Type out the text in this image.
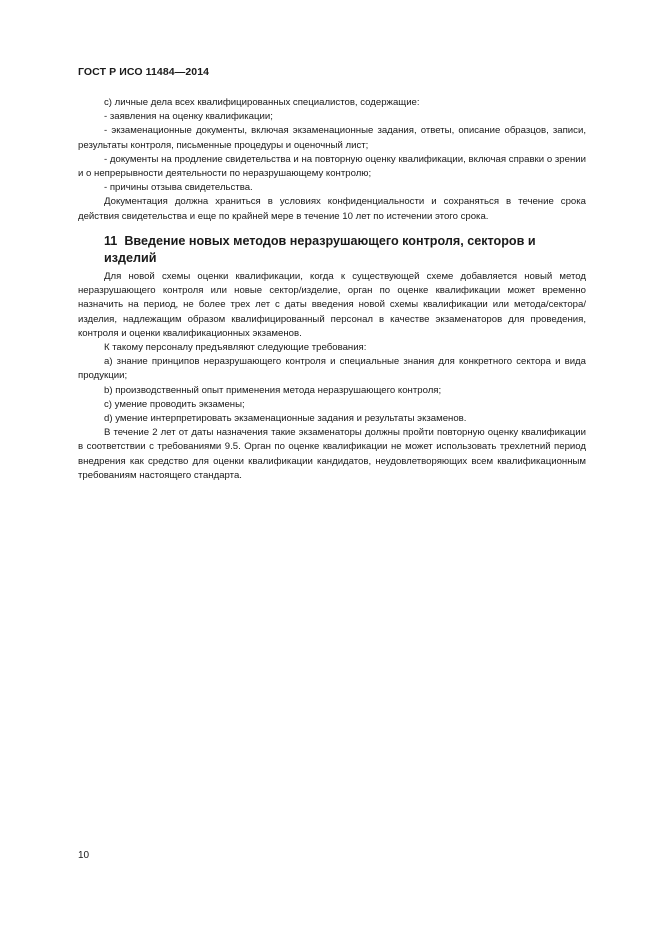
ГОСТ Р ИСО 11484—2014

c) личные дела всех квалифицированных специалистов, содержащие:

- заявления на оценку квалификации;

- экзаменационные документы, включая экзаменационные задания, ответы, описание образцов, записи, результаты контроля, письменные процедуры и оценочный лист;

- документы на продление свидетельства и на повторную оценку квалификации, включая справки о зрении и о непрерывности деятельности по неразрушающему контролю;

- причины отзыва свидетельства.

Документация должна храниться в условиях конфиденциальности и сохраняться в течение срока действия свидетельства и еще по крайней мере в течение 10 лет по истечении этого срока.

11 Введение новых методов неразрушающего контроля, секторов и изделий

Для новой схемы оценки квалификации, когда к существующей схеме добавляется новый метод неразрушающего контроля или новые сектор/изделие, орган по оценке квалификации может временно назначить на период, не более трех лет с даты введения новой схемы квалификации или метода/сектора/изделия, надлежащим образом квалифицированный персонал в качестве экзаменаторов для проведения, контроля и оценки квалификационных экзаменов.

К такому персоналу предъявляют следующие требования:

a) знание принципов неразрушающего контроля и специальные знания для конкретного сектора и вида продукции;

b) производственный опыт применения метода неразрушающего контроля;

c) умение проводить экзамены;

d) умение интерпретировать экзаменационные задания и результаты экзаменов.

В течение 2 лет от даты назначения такие экзаменаторы должны пройти повторную оценку квалификации в соответствии с требованиями 9.5. Орган по оценке квалификации не может использовать трехлетний период внедрения как средство для оценки квалификации кандидатов, неудовлетворяющих всем квалификационным требованиям настоящего стандарта.

10
